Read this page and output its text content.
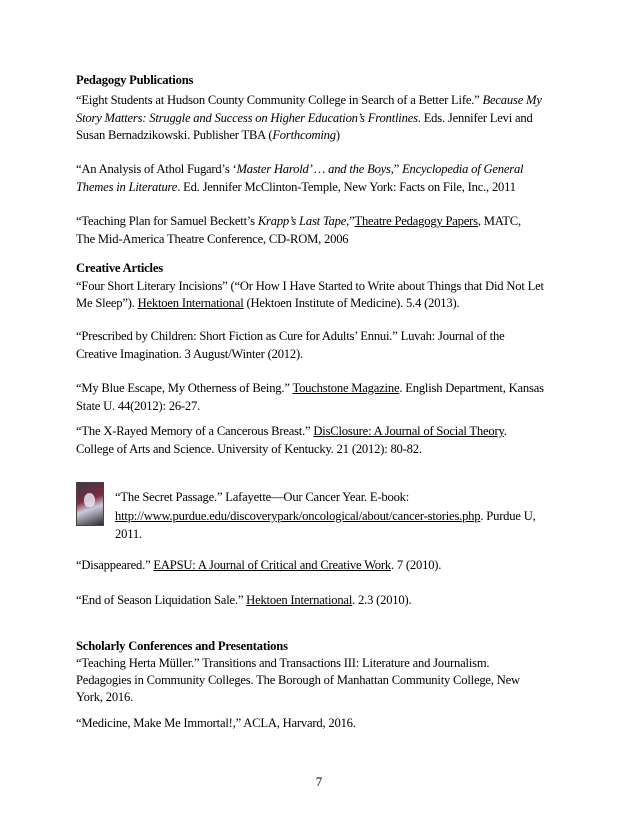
Pedagogy Publications
“Eight Students at Hudson County Community College in Search of a Better Life.” Because My
Story Matters: Struggle and Success on Higher Education’s Frontlines. Eds. Jennifer Levi and
Susan Bernadzikowski. Publisher TBA (Forthcoming)
“An Analysis of Athol Fugard’s ‘Master Harold’ … and the Boys,” Encyclopedia of General
Themes in Literature. Ed. Jennifer McClinton-Temple, New York: Facts on File, Inc., 2011
“Teaching Plan for Samuel Beckett’s Krapp’s Last Tape,”Theatre Pedagogy Papers, MATC,
The Mid-America Theatre Conference, CD-ROM, 2006
Creative Articles
“Four Short Literary Incisions” (“Or How I Have Started to Write about Things that Did Not Let
Me Sleep”). Hektoen International (Hektoen Institute of Medicine). 5.4 (2013).
“Prescribed by Children: Short Fiction as Cure for Adults’ Ennui.” Luvah: Journal of the
Creative Imagination. 3 August/Winter (2012).
“My Blue Escape, My Otherness of Being.” Touchstone Magazine. English Department, Kansas
State U. 44(2012): 26-27.
“The X-Rayed Memory of a Cancerous Breast.” DisClosure: A Journal of Social Theory.
College of Arts and Science. University of Kentucky. 21 (2012): 80-82.
“The Secret Passage.” Lafayette—Our Cancer Year. E-book:
http://www.purdue.edu/discoverypark/oncological/about/cancer-stories.php. Purdue U,
2011.
“Disappeared.” EAPSU: A Journal of Critical and Creative Work. 7 (2010).
“End of Season Liquidation Sale.” Hektoen International. 2.3 (2010).
Scholarly Conferences and Presentations
“Teaching Herta Müller.” Transitions and Transactions III: Literature and Journalism.
Pedagogies in Community Colleges. The Borough of Manhattan Community College, New
York, 2016.
“Medicine, Make Me Immortal!,” ACLA, Harvard, 2016.
7
